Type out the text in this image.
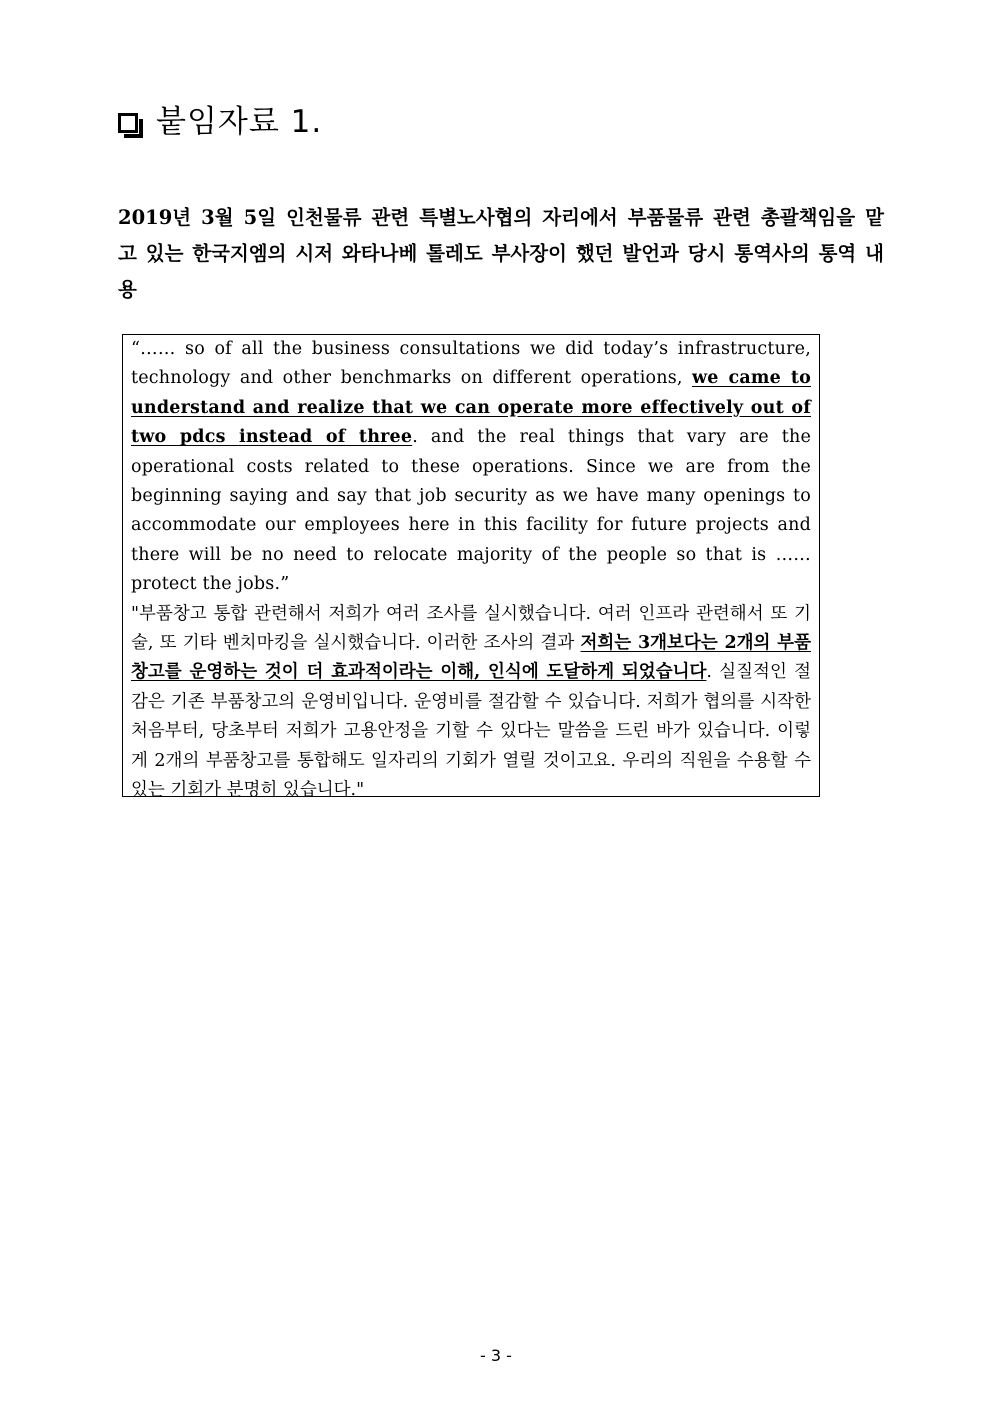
붙임자료 1.
2019년 3월 5일 인천물류 관련 특별노사협의 자리에서 부품물류 관련 총괄책임을 맡고 있는 한국지엠의 시저 와타나베 톨레도 부사장이 했던 발언과 당시 통역사의 통역 내용

“…… so of all the business consultations we did today’s infrastructure, technology and other benchmarks on different operations, we came to understand and realize that we can operate more effectively out of two pdcs instead of three. and the real things that vary are the operational costs related to these operations. Since we are from the beginning saying and say that job security as we have many openings to accommodate our employees here in this facility for future projects and there will be no need to relocate majority of the people so that is …… protect the jobs.”

"부품창고 통합 관련해서 저희가 여러 조사를 실시했습니다. 여러 인프라 관련해서 또 기술, 또 기타 벤치마킹을 실시했습니다. 이러한 조사의 결과 저희는 3개보다는 2개의 부품창고를 운영하는 것이 더 효과적이라는 이해, 인식에 도달하게 되었습니다. 실질적인 절감은 기존 부품창고의 운영비입니다. 운영비를 절감할 수 있습니다. 저희가 협의를 시작한 처음부터, 당초부터 저희가 고용안정을 기할 수 있다는 말씀을 드린 바가 있습니다. 이렇게 2개의 부품창고를 통합해도 일자리의 기회가 열릴 것이고요. 우리의 직원을 수용할 수 있는 기회가 분명히 있습니다."

- 3 -
